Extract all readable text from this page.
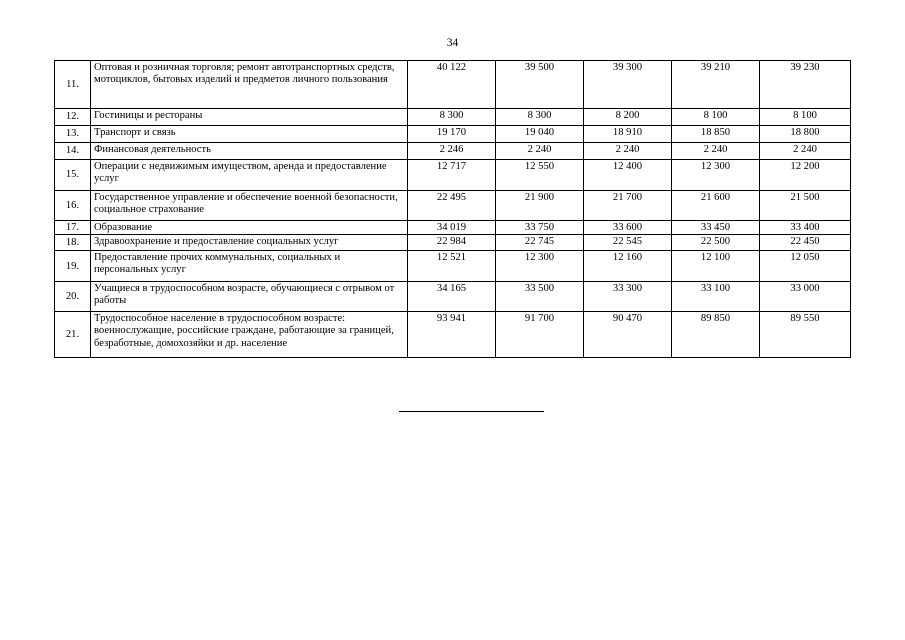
34
11.	Оптовая и розничная торговля; ремонт автотранспортных средств, мотоциклов, бытовых изделий и предметов личного пользования	40 122	39 500	39 300	39 210	39 230
12.	Гостиницы и рестораны	8 300	8 300	8 200	8 100	8 100
13.	Транспорт и связь	19 170	19 040	18 910	18 850	18 800
14.	Финансовая деятельность	2 246	2 240	2 240	2 240	2 240
15.	Операции с недвижимым имуществом, аренда и предоставление услуг	12 717	12 550	12 400	12 300	12 200
16.	Государственное управление и обеспечение военной безопасности, социальное страхование	22 495	21 900	21 700	21 600	21 500
17.	Образование	34 019	33 750	33 600	33 450	33 400
18.	Здравоохранение и предоставление социальных услуг	22 984	22 745	22 545	22 500	22 450
19.	Предоставление прочих коммунальных, социальных и персональных услуг	12 521	12 300	12 160	12 100	12 050
20.	Учащиеся в трудоспособном возрасте, обучающиеся с отрывом от работы	34 165	33 500	33 300	33 100	33 000
21.	Трудоспособное население в трудоспособном возрасте: военнослужащие, российские граждане, работающие за границей, безработные, домохозяйки и др. население	93 941	91 700	90 470	89 850	89 550
